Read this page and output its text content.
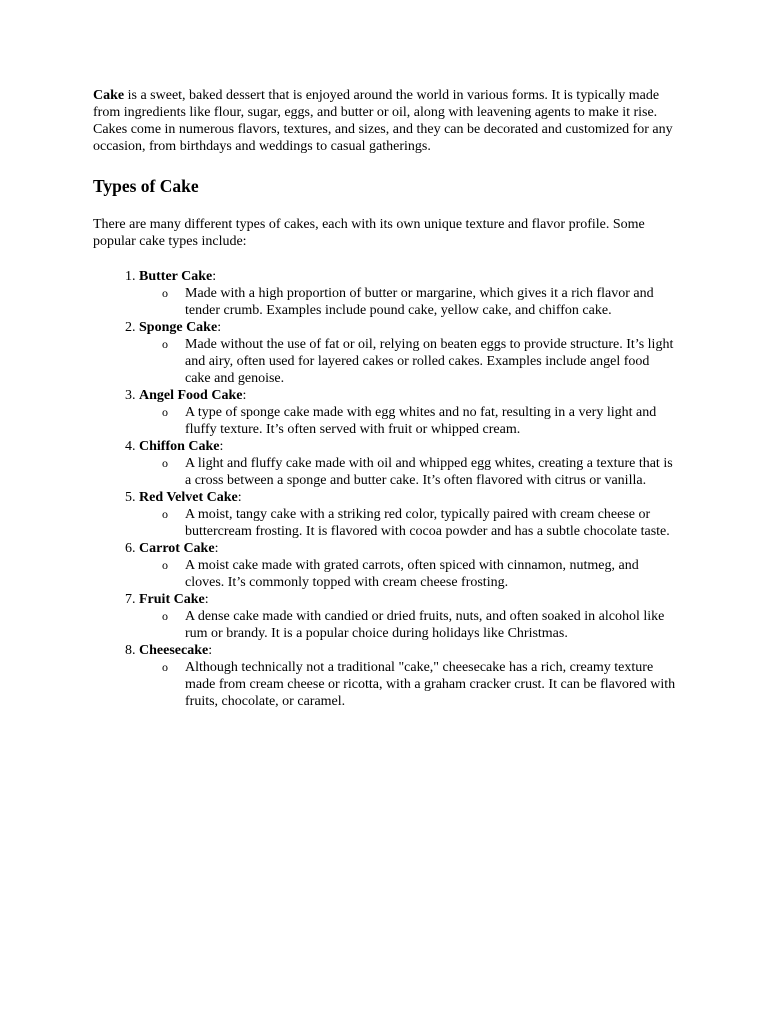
Cake is a sweet, baked dessert that is enjoyed around the world in various forms. It is typically made from ingredients like flour, sugar, eggs, and butter or oil, along with leavening agents to make it rise. Cakes come in numerous flavors, textures, and sizes, and they can be decorated and customized for any occasion, from birthdays and weddings to casual gatherings.

Types of Cake

There are many different types of cakes, each with its own unique texture and flavor profile. Some popular cake types include:

1. Butter Cake:
o Made with a high proportion of butter or margarine, which gives it a rich flavor and tender crumb. Examples include pound cake, yellow cake, and chiffon cake.
2. Sponge Cake:
o Made without the use of fat or oil, relying on beaten eggs to provide structure. It’s light and airy, often used for layered cakes or rolled cakes. Examples include angel food cake and genoise.
3. Angel Food Cake:
o A type of sponge cake made with egg whites and no fat, resulting in a very light and fluffy texture. It’s often served with fruit or whipped cream.
4. Chiffon Cake:
o A light and fluffy cake made with oil and whipped egg whites, creating a texture that is a cross between a sponge and butter cake. It’s often flavored with citrus or vanilla.
5. Red Velvet Cake:
o A moist, tangy cake with a striking red color, typically paired with cream cheese or buttercream frosting. It is flavored with cocoa powder and has a subtle chocolate taste.
6. Carrot Cake:
o A moist cake made with grated carrots, often spiced with cinnamon, nutmeg, and cloves. It’s commonly topped with cream cheese frosting.
7. Fruit Cake:
o A dense cake made with candied or dried fruits, nuts, and often soaked in alcohol like rum or brandy. It is a popular choice during holidays like Christmas.
8. Cheesecake:
o Although technically not a traditional "cake," cheesecake has a rich, creamy texture made from cream cheese or ricotta, with a graham cracker crust. It can be flavored with fruits, chocolate, or caramel.
